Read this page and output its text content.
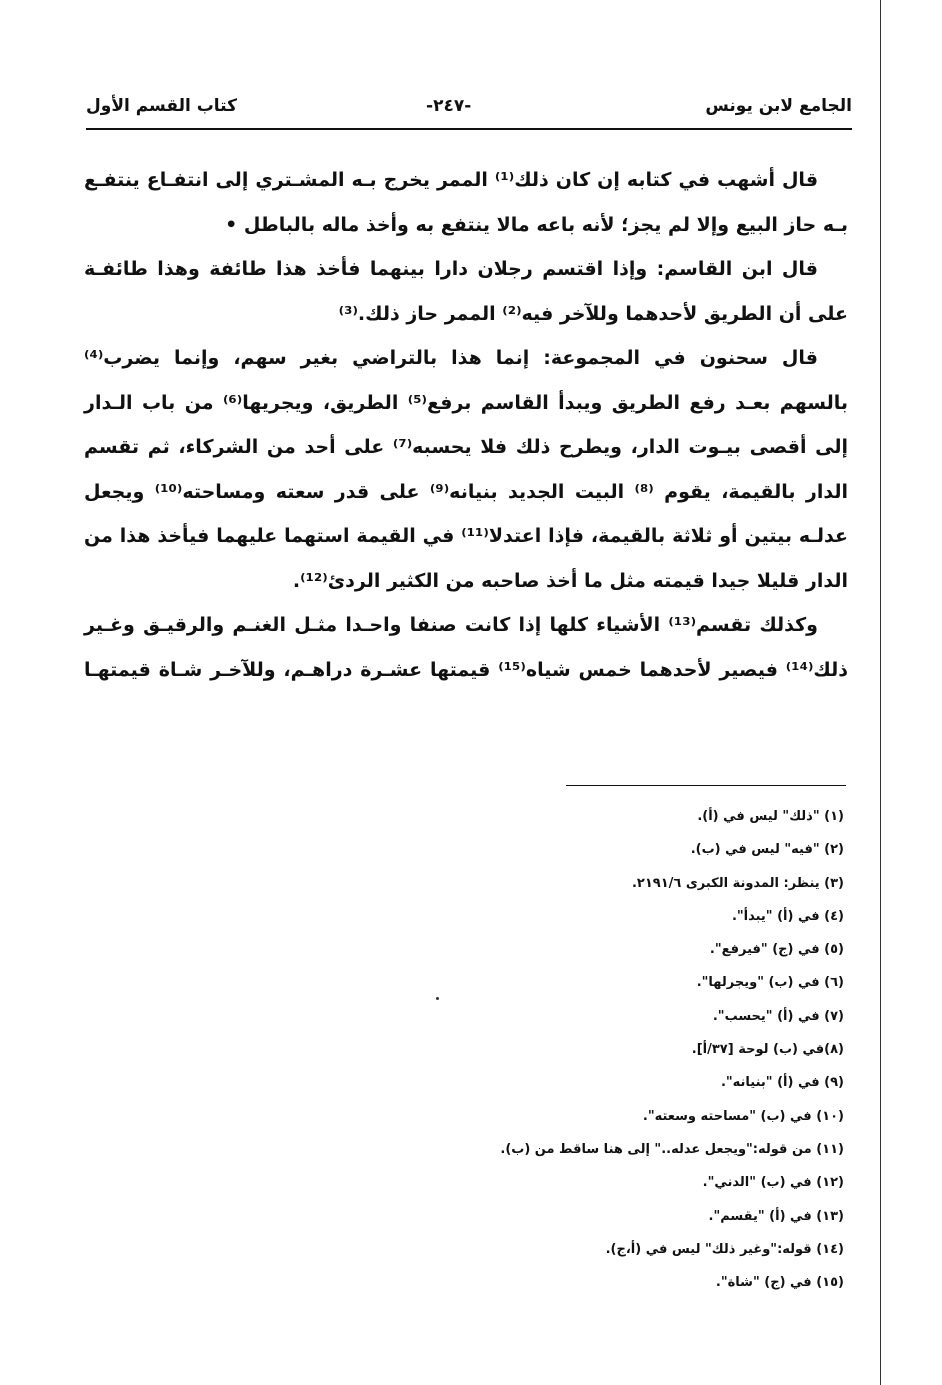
الجامع لابن يونس
-٢٤٧-
كتاب القسم الأول

قال أشهب في كتابه إن كان ذلك⁽¹⁾ الممر يخرج بـه المشـتري إلى انتفـاع ينتفـع بـه حاز البيع وإلا لم يجز؛ لأنه باعه مالا ينتفع به وأخذ ماله بالباطل •

قال ابن القاسم: وإذا اقتسم رجلان دارا بينهما فأخذ هذا طائفة وهذا طائفـة على أن الطريق لأحدهما وللآخر فيه⁽²⁾ الممر حاز ذلك.⁽³⁾

قال سحنون في المجموعة: إنما هذا بالتراضي بغير سهم، وإنما يضرب⁽⁴⁾ بالسهم بعـد رفع الطريق ويبدأ القاسم برفع⁽⁵⁾ الطريق، ويجريها⁽⁶⁾ من باب الـدار إلى أقصى بيـوت الدار، ويطرح ذلك فلا يحسبه⁽⁷⁾ على أحد من الشركاء، ثم تقسم الدار بالقيمة، يقوم ⁽⁸⁾ البيت الجديد بنيانه⁽⁹⁾ على قدر سعته ومساحته⁽¹⁰⁾ ويجعل عدلـه بيتين أو ثلاثة بالقيمة، فإذا اعتدلا⁽¹¹⁾ في القيمة استهما عليهما فيأخذ هذا من الدار قليلا جيدا قيمته مثل ما أخذ صاحبه من الكثير الردئ⁽¹²⁾.

وكذلك تقسم⁽¹³⁾ الأشياء كلها إذا كانت صنفا واحـدا مثـل الغنـم والرقيـق وغـير ذلك⁽¹⁴⁾ فيصير لأحدهما خمس شياه⁽¹⁵⁾ قيمتها عشـرة دراهـم، وللآخـر شـاة قيمتهـا

(١) "ذلك" ليس في (أ).
(٢) "فيه" ليس في (ب).
(٣) ينظر: المدونة الكبرى ٢١٩١/٦.
(٤) في (أ) "يبدأ".
(٥) في (ج) "فيرفع".
(٦) في (ب) "ويجرلها".
(٧) في (أ) "يحسب".
(٨)في (ب) لوحة [٣٧/أ].
(٩) في (أ) "بنيانه".
(١٠) في (ب) "مساحته وسعته".
(١١) من قوله:"ويجعل عدله.." إلى هنا ساقط من (ب).
(١٢) في (ب) "الدني".
(١٣) في (أ) "يقسم".
(١٤) قوله:"وغير ذلك" ليس في (أ،ج).
(١٥) في (ج) "شاة".
